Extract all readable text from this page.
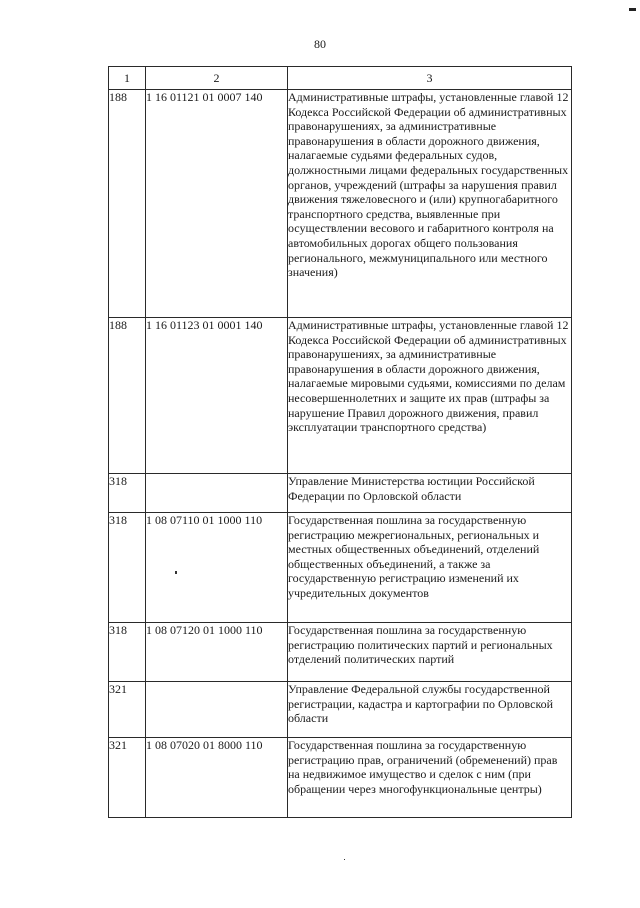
80
1	2	3
188	1 16 01121 01 0007 140	Административные штрафы, установленные главой 12 Кодекса Российской Федерации об административных правонарушениях, за административные правонарушения в области дорожного движения, налагаемые судьями федеральных судов, должностными лицами федеральных государственных органов, учреждений (штрафы за нарушения правил движения тяжеловесного и (или) крупногабаритного транспортного средства, выявленные при осуществлении весового и габаритного контроля на автомобильных дорогах общего пользования регионального, межмуниципального или местного значения)
188	1 16 01123 01 0001 140	Административные штрафы, установленные главой 12 Кодекса Российской Федерации об административных правонарушениях, за административные правонарушения в области дорожного движения, налагаемые мировыми судьями, комиссиями по делам несовершеннолетних и защите их прав (штрафы за нарушение Правил дорожного движения, правил эксплуатации транспортного средства)
318		Управление Министерства юстиции Российской Федерации по Орловской области
318	1 08 07110 01 1000 110	Государственная пошлина за государственную регистрацию межрегиональных, региональных и местных общественных объединений, отделений общественных объединений, а также за государственную регистрацию изменений их учредительных документов
318	1 08 07120 01 1000 110	Государственная пошлина за государственную регистрацию политических партий и региональных отделений политических партий
321		Управление Федеральной службы государственной регистрации, кадастра и картографии по Орловской области
321	1 08 07020 01 8000 110	Государственная пошлина за государственную регистрацию прав, ограничений (обременений) прав на недвижимое имущество и сделок с ним (при обращении через многофункциональные центры)
